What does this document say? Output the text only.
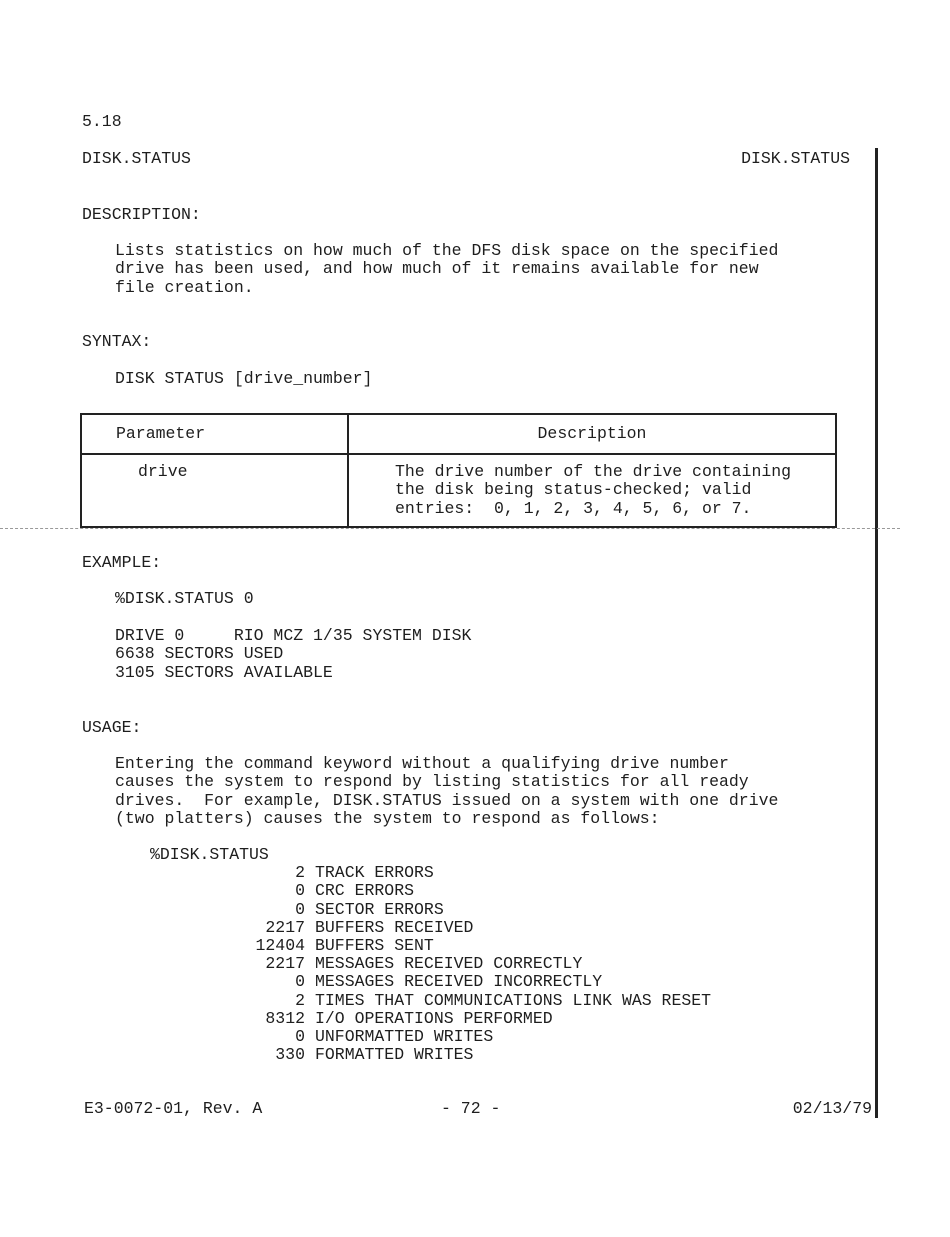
5.18
DISK.STATUS	DISK.STATUS
DESCRIPTION:
Lists statistics on how much of the DFS disk space on the specified
drive has been used, and how much of it remains available for new
file creation.
SYNTAX:
DISK STATUS [drive_number]
Parameter	Description
drive	The drive number of the drive containing
the disk being status-checked; valid
entries:  0, 1, 2, 3, 4, 5, 6, or 7.
EXAMPLE:
%DISK.STATUS 0
DRIVE 0     RIO MCZ 1/35 SYSTEM DISK
6638 SECTORS USED
3105 SECTORS AVAILABLE
USAGE:
Entering the command keyword without a qualifying drive number
causes the system to respond by listing statistics for all ready
drives.  For example, DISK.STATUS issued on a system with one drive
(two platters) causes the system to respond as follows:
%DISK.STATUS
2 TRACK ERRORS
0 CRC ERRORS
0 SECTOR ERRORS
2217 BUFFERS RECEIVED
12404 BUFFERS SENT
2217 MESSAGES RECEIVED CORRECTLY
0 MESSAGES RECEIVED INCORRECTLY
2 TIMES THAT COMMUNICATIONS LINK WAS RESET
8312 I/O OPERATIONS PERFORMED
0 UNFORMATTED WRITES
330 FORMATTED WRITES
E3-0072-01, Rev. A	- 72 -	02/13/79
